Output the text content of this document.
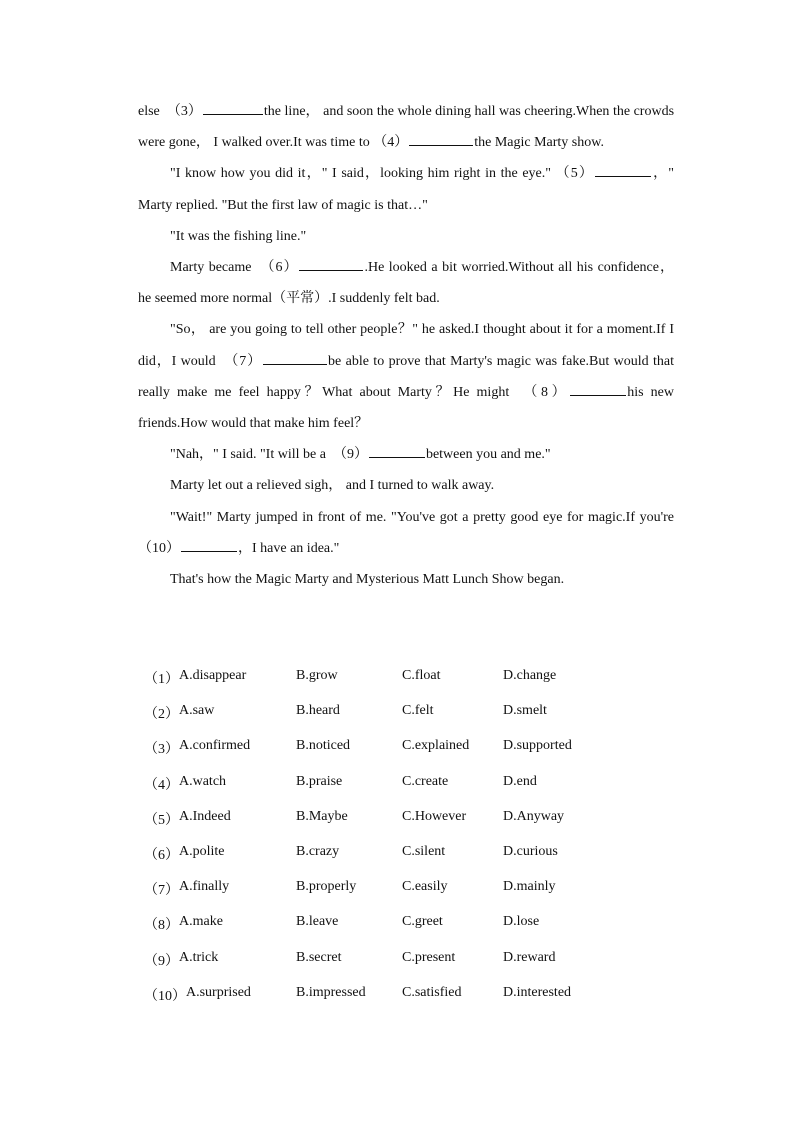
else　（3）	the line， and soon the whole dining hall was cheering.When the crowds were gone， I walked over.It was time to （4）	the Magic Marty show.

"I know how you did it，" I said，looking him right in the eye." （5）	，" Marty replied. "But the first law of magic is that…"

"It was the fishing line."

Marty became　（6）	.He looked a bit worried.Without all his confidence， he seemed more normal（平常）.I suddenly felt bad.

"So， are you going to tell other people？" he asked.I thought about it for a moment.If I did，I would　（7）	be able to prove that Marty's magic was fake.But would that really make me feel happy？What about Marty？He might　（8）	his new friends.How would that make him feel？

"Nah，" I said. "It will be a　（9）	between you and me."

Marty let out a relieved sigh， and I turned to walk away.

"Wait!" Marty jumped in front of me. "You've got a pretty good eye for magic.If you're　（10）	，I have an idea."

That's how the Magic Marty and Mysterious Matt Lunch Show began.

（1） A.disappear	B.grow	C.float	D.change
（2） A.saw	B.heard	C.felt	D.smelt
（3） A.confirmed	B.noticed	C.explained D.supported
（4） A.watch	B.praise	C.create	D.end
（5） A.Indeed	B.Maybe	C.However	D.Anyway
（6） A.polite	B.crazy	C.silent	D.curious
（7） A.finally	B.properly	C.easily	D.mainly
（8） A.make	B.leave	C.greet	D.lose
（9） A.trick	B.secret	C.present	D.reward
（10） A.surprised	B.impressed	C.satisfied	D.interested
